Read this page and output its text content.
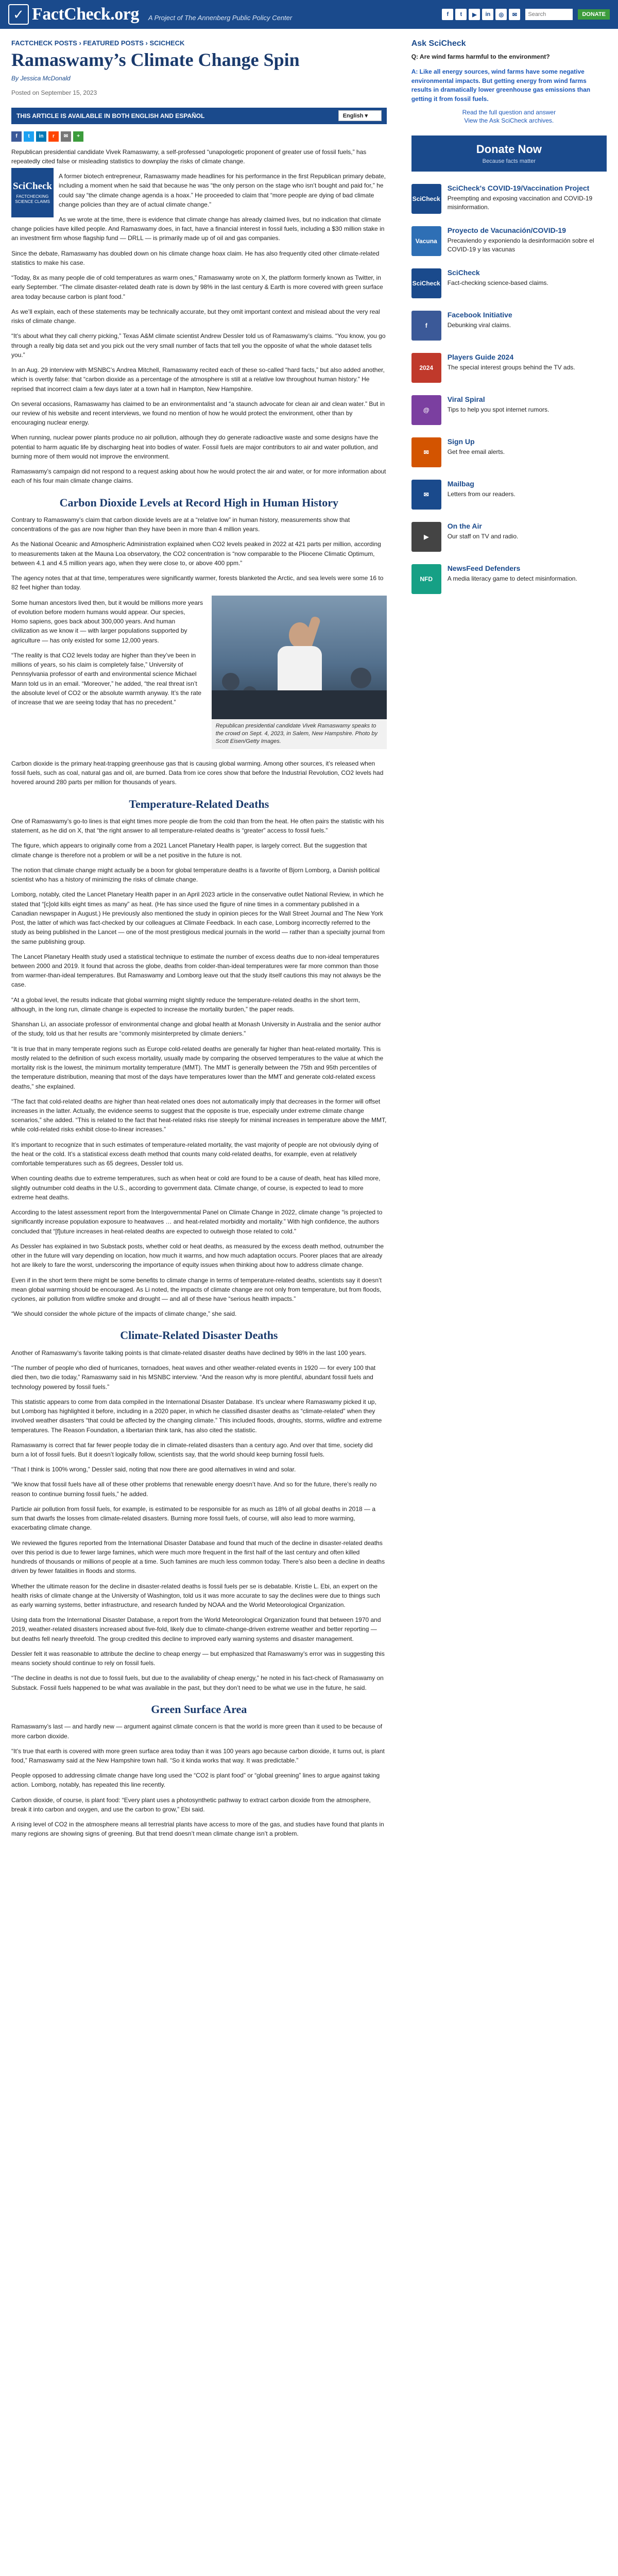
✓ FactCheck.org A Project of The Annenberg Public Policy Center	f	t	▶	in	◎	✉
Search	DONATE
FACTCHECK POSTS › FEATURED POSTS › SCICHECK
Ramaswamy’s Climate Change Spin
By Jessica McDonald
Posted on September 15, 2023
THIS ARTICLE IS AVAILABLE IN BOTH ENGLISH AND ESPAÑOL	English ▾
f	t	in	r	✉	+

Republican presidential candidate Vivek Ramaswamy, a self-professed “unapologetic proponent of greater use of fossil fuels,” has repeatedly cited false or misleading statistics to downplay the risks of climate change.

SciCheck
FACTCHECKING SCIENCE CLAIMS

A former biotech entrepreneur, Ramaswamy made headlines for his performance in the first Republican primary debate, including a moment when he said that because he was “the only person on the stage who isn’t bought and paid for,” he could say “the climate change agenda is a hoax.” He proceeded to claim that “more people are dying of bad climate change policies than they are of actual climate change.”

As we wrote at the time, there is evidence that climate change has already claimed lives, but no indication that climate change policies have killed people. And Ramaswamy does, in fact, have a financial interest in fossil fuels, including a $30 million stake in an investment firm whose flagship fund — DRLL — is primarily made up of oil and gas companies.

Since the debate, Ramaswamy has doubled down on his climate change hoax claim. He has also frequently cited other climate-related statistics to make his case.

“Today, 8x as many people die of cold temperatures as warm ones,” Ramaswamy wrote on X, the platform formerly known as Twitter, in early September. “The climate disaster-related death rate is down by 98% in the last century & Earth is more covered with green surface area today because carbon is plant food.”

As we’ll explain, each of these statements may be technically accurate, but they omit important context and mislead about the very real risks of climate change.

“It’s about what they call cherry picking,” Texas A&M climate scientist Andrew Dessler told us of Ramaswamy’s claims. “You know, you go through a really big data set and you pick out the very small number of facts that tell you the opposite of what the whole dataset tells you.”

In an Aug. 29 interview with MSNBC’s Andrea Mitchell, Ramaswamy recited each of these so-called “hard facts,” but also added another, which is overtly false: that “carbon dioxide as a percentage of the atmosphere is still at a relative low throughout human history.” He reprised that incorrect claim a few days later at a town hall in Hampton, New Hampshire.

On several occasions, Ramaswamy has claimed to be an environmentalist and “a staunch advocate for clean air and clean water.” But in our review of his website and recent interviews, we found no mention of how he would protect the environment, other than by encouraging nuclear energy.

When running, nuclear power plants produce no air pollution, although they do generate radioactive waste and some designs have the potential to harm aquatic life by discharging heat into bodies of water. Fossil fuels are major contributors to air and water pollution, and burning more of them would not improve the environment.

Ramaswamy’s campaign did not respond to a request asking about how he would protect the air and water, or for more information about each of his four main climate change claims.

Carbon Dioxide Levels at Record High in Human History

Contrary to Ramaswamy’s claim that carbon dioxide levels are at a “relative low” in human history, measurements show that concentrations of the gas are now higher than they have been in more than 4 million years.

As the National Oceanic and Atmospheric Administration explained when CO2 levels peaked in 2022 at 421 parts per million, according to measurements taken at the Mauna Loa observatory, the CO2 concentration is “now comparable to the Pliocene Climatic Optimum, between 4.1 and 4.5 million years ago, when they were close to, or above 400 ppm.”

The agency notes that at that time, temperatures were significantly warmer, forests blanketed the Arctic, and sea levels were some 16 to 82 feet higher than today.

Republican presidential candidate Vivek Ramaswamy speaks to the crowd on Sept. 4, 2023, in Salem, New Hampshire. Photo by Scott Eisen/Getty Images.

Some human ancestors lived then, but it would be millions more years of evolution before modern humans would appear. Our species, Homo sapiens, goes back about 300,000 years. And human civilization as we know it — with larger populations supported by agriculture — has only existed for some 12,000 years.

“The reality is that CO2 levels today are higher than they’ve been in millions of years, so his claim is completely false,” University of Pennsylvania professor of earth and environmental science Michael Mann told us in an email. “Moreover,” he added, “the real threat isn’t the absolute level of CO2 or the absolute warmth anyway. It’s the rate of increase that we are seeing today that has no precedent.”

Carbon dioxide is the primary heat-trapping greenhouse gas that is causing global warming. Among other sources, it’s released when fossil fuels, such as coal, natural gas and oil, are burned. Data from ice cores show that before the Industrial Revolution, CO2 levels had hovered around 280 parts per million for thousands of years.

Temperature-Related Deaths

One of Ramaswamy’s go-to lines is that eight times more people die from the cold than from the heat. He often pairs the statistic with his statement, as he did on X, that “the right answer to all temperature-related deaths is “greater” access to fossil fuels.”

The figure, which appears to originally come from a 2021 Lancet Planetary Health paper, is largely correct. But the suggestion that climate change is therefore not a problem or will be a net positive in the future is not.

The notion that climate change might actually be a boon for global temperature deaths is a favorite of Bjorn Lomborg, a Danish political scientist who has a history of minimizing the risks of climate change.

Lomborg, notably, cited the Lancet Planetary Health paper in an April 2023 article in the conservative outlet National Review, in which he stated that “[c]old kills eight times as many” as heat. (He has since used the figure of nine times in a commentary published in a Canadian newspaper in August.) He previously also mentioned the study in opinion pieces for the Wall Street Journal and The New York Post, the latter of which was fact-checked by our colleagues at Climate Feedback. In each case, Lomborg incorrectly referred to the study as being published in the Lancet — one of the most prestigious medical journals in the world — rather than a specialty journal from the same publishing group.

The Lancet Planetary Health study used a statistical technique to estimate the number of excess deaths due to non-ideal temperatures between 2000 and 2019. It found that across the globe, deaths from colder-than-ideal temperatures were far more common than those from warmer-than-ideal temperatures. But Ramaswamy and Lomborg leave out that the study itself cautions this may not always be the case.

“At a global level, the results indicate that global warming might slightly reduce the temperature-related deaths in the short term, although, in the long run, climate change is expected to increase the mortality burden,” the paper reads.

Shanshan Li, an associate professor of environmental change and global health at Monash University in Australia and the senior author of the study, told us that her results are “commonly misinterpreted by climate deniers.”

“It is true that in many temperate regions such as Europe cold-related deaths are generally far higher than heat-related mortality. This is mostly related to the definition of such excess mortality, usually made by comparing the observed temperatures to the value at which the mortality risk is the lowest, the minimum mortality temperature (MMT). The MMT is generally between the 75th and 95th percentiles of the temperature distribution, meaning that most of the days have temperatures lower than the MMT and generate cold-related excess deaths,” she explained.

“The fact that cold-related deaths are higher than heat-related ones does not automatically imply that decreases in the former will offset increases in the latter. Actually, the evidence seems to suggest that the opposite is true, especially under extreme climate change scenarios,” she added. “This is related to the fact that heat-related risks rise steeply for minimal increases in temperature above the MMT, while cold-related risks exhibit close-to-linear increases.”

It’s important to recognize that in such estimates of temperature-related mortality, the vast majority of people are not obviously dying of the heat or the cold. It’s a statistical excess death method that counts many cold-related deaths, for example, even at relatively comfortable temperatures such as 65 degrees, Dessler told us.

When counting deaths due to extreme temperatures, such as when heat or cold are found to be a cause of death, heat has killed more, slightly outnumber cold deaths in the U.S., according to government data. Climate change, of course, is expected to lead to more extreme heat deaths.

According to the latest assessment report from the Intergovernmental Panel on Climate Change in 2022, climate change “is projected to significantly increase population exposure to heatwaves … and heat-related morbidity and mortality.” With high confidence, the authors concluded that “[f]uture increases in heat-related deaths are expected to outweigh those related to cold.”

As Dessler has explained in two Substack posts, whether cold or heat deaths, as measured by the excess death method, outnumber the other in the future will vary depending on location, how much it warms, and how much adaptation occurs. Poorer places that are already hot are likely to fare the worst, underscoring the importance of equity issues when thinking about how to address climate change.

Even if in the short term there might be some benefits to climate change in terms of temperature-related deaths, scientists say it doesn’t mean global warming should be encouraged. As Li noted, the impacts of climate change are not only from temperature, but from floods, cyclones, air pollution from wildfire smoke and drought — and all of these have “serious health impacts.”

“We should consider the whole picture of the impacts of climate change,” she said.

Climate-Related Disaster Deaths

Another of Ramaswamy’s favorite talking points is that climate-related disaster deaths have declined by 98% in the last 100 years.

“The number of people who died of hurricanes, tornadoes, heat waves and other weather-related events in 1920 — for every 100 that died then, two die today,” Ramaswamy said in his MSNBC interview. “And the reason why is more plentiful, abundant fossil fuels and technology powered by fossil fuels.”

This statistic appears to come from data compiled in the International Disaster Database. It’s unclear where Ramaswamy picked it up, but Lomborg has highlighted it before, including in a 2020 paper, in which he classified disaster deaths as “climate-related” when they involved weather disasters “that could be affected by the changing climate.” This included floods, droughts, storms, wildfire and extreme temperatures. The Reason Foundation, a libertarian think tank, has also cited the statistic.

Ramaswamy is correct that far fewer people today die in climate-related disasters than a century ago. And over that time, society did burn a lot of fossil fuels. But it doesn’t logically follow, scientists say, that the world should keep burning fossil fuels.

“That I think is 100% wrong,” Dessler said, noting that now there are good alternatives in wind and solar.

“We know that fossil fuels have all of these other problems that renewable energy doesn’t have. And so for the future, there’s really no reason to continue burning fossil fuels,” he added.

Particle air pollution from fossil fuels, for example, is estimated to be responsible for as much as 18% of all global deaths in 2018 — a sum that dwarfs the losses from climate-related disasters. Burning more fossil fuels, of course, will also lead to more warming, exacerbating climate change.

We reviewed the figures reported from the International Disaster Database and found that much of the decline in disaster-related deaths over this period is due to fewer large famines, which were much more frequent in the first half of the last century and often killed hundreds of thousands or millions of people at a time. Such famines are much less common today. There’s also been a decline in deaths driven by fewer fatalities in floods and storms.

Whether the ultimate reason for the decline in disaster-related deaths is fossil fuels per se is debatable. Kristie L. Ebi, an expert on the health risks of climate change at the University of Washington, told us it was more accurate to say the declines were due to things such as early warning systems, better infrastructure, and research funded by NOAA and the World Meteorological Organization.

Using data from the International Disaster Database, a report from the World Meteorological Organization found that between 1970 and 2019, weather-related disasters increased about five-fold, likely due to climate-change-driven extreme weather and better reporting — but deaths fell nearly threefold. The group credited this decline to improved early warning systems and disaster management.

Dessler felt it was reasonable to attribute the decline to cheap energy — but emphasized that Ramaswamy’s error was in suggesting this means society should continue to rely on fossil fuels.

“The decline in deaths is not due to fossil fuels, but due to the availability of cheap energy,” he noted in his fact-check of Ramaswamy on Substack. Fossil fuels happened to be what was available in the past, but they don’t need to be what we use in the future, he said.

Green Surface Area

Ramaswamy’s last — and hardly new — argument against climate concern is that the world is more green than it used to be because of more carbon dioxide.

“It’s true that earth is covered with more green surface area today than it was 100 years ago because carbon dioxide, it turns out, is plant food,” Ramaswamy said at the New Hampshire town hall. “So it kinda works that way. It was predictable.”

People opposed to addressing climate change have long used the “CO2 is plant food” or “global greening” lines to argue against taking action. Lomborg, notably, has repeated this line recently.

Carbon dioxide, of course, is plant food: “Every plant uses a photosynthetic pathway to extract carbon dioxide from the atmosphere, break it into carbon and oxygen, and use the carbon to grow,” Ebi said.

A rising level of CO2 in the atmosphere means all terrestrial plants have access to more of the gas, and studies have found that plants in many regions are showing signs of greening. But that trend doesn’t mean climate change isn’t a problem.

Ask SciCheck
Q: Are wind farms harmful to the environment?
A: Like all energy sources, wind farms have some negative environmental impacts. But getting energy from wind farms results in dramatically lower greenhouse gas emissions than getting it from fossil fuels.
Read the full question and answer
View the Ask SciCheck archives.
Donate Now
Because facts matter
SciCheck
SciCheck's COVID-19/Vaccination Project
Preempting and exposing vaccination and COVID-19 misinformation.
Vacuna
Proyecto de Vacunación/COVID-19
Precaviendo y exponiendo la desinformación sobre el COVID-19 y las vacunas
SciCheck
SciCheck
Fact-checking science-based claims.
f
Facebook Initiative
Debunking viral claims.
2024
Players Guide 2024
The special interest groups behind the TV ads.
@
Viral Spiral
Tips to help you spot internet rumors.
✉
Sign Up
Get free email alerts.
✉
Mailbag
Letters from our readers.
▶
On the Air
Our staff on TV and radio.
NFD
NewsFeed Defenders
A media literacy game to detect misinformation.
